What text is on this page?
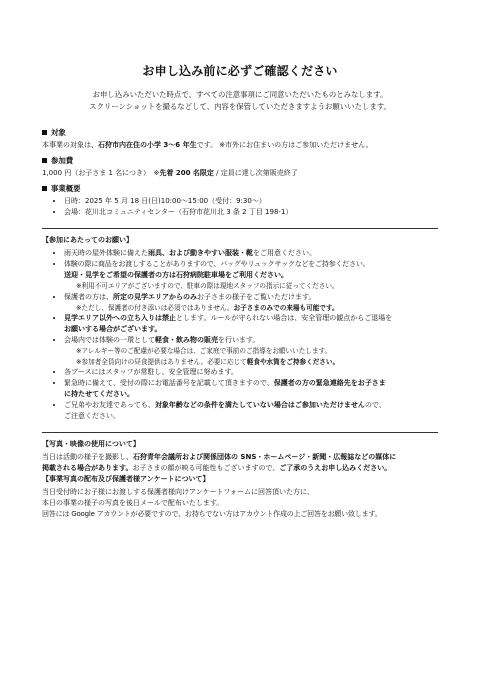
お申し込み前に必ずご確認ください
お申し込みいただいた時点で、すべての注意事項にご同意いただいたものとみなします。
スクリーンショットを撮るなどして、内容を保管していただきますようお願いいたします。
対象

本事業の対象は、石狩市内在住の小学 3～6 年生です。 ※市外にお住まいの方はご参加いただけません。

参加費

1,000 円（お子さま 1 名につき）　※先着 200 名限定 / 定員に達し次第販売終了

事業概要
• 日時：2025 年 5 月 18 日(日)10:00～15:00（受付：9:30～）
• 会場：花川北コミュニティセンター（石狩市花川北 3 条 2 丁目 198-1）
【参加にあたってのお願い】
• 雨天時の屋外体験に備えた雨具、および動きやすい服装・靴をご用意ください。
• 体験の際に商品をお渡しすることがありますので、バッグやリュックサックなどをご持参ください。
送迎・見学をご希望の保護者の方は石狩病院駐車場をご利用ください。
※利用不可エリアがございますので、駐車の際は現地スタッフの指示に従ってください。
• 保護者の方は、所定の見学エリアからのみお子さまの様子をご覧いただけます。
※ただし、保護者の付き添いは必須ではありません。お子さまのみでの来場も可能です。
• 見学エリア以外への立ち入りは禁止とします。ルールが守られない場合は、安全管理の観点からご退場を
お願いする場合がございます。
• 会場内では体験の一環として軽食・飲み物の販売を行います。
※アレルギー等のご配慮が必要な場合は、ご家庭で事前のご指導をお願いいたします。
※参加者全員向けの昼食提供はありません。必要に応じて軽食や水筒をご持参ください。
• 各ブースにはスタッフが常駐し、安全管理に努めます。
• 緊急時に備えて、受付の際にお電話番号を記載して頂きますので、保護者の方の緊急連絡先をお子さま
に持たせてください。
• ご兄弟やお友達であっても、対象年齢などの条件を満たしていない場合はご参加いただけませんので、
ご注意ください。
【写真・映像の使用について】

当日は活動の様子を撮影し、石狩青年会議所および関係団体の SNS・ホームページ・新聞・広報誌などの媒体に
掲載される場合があります。お子さまの顔が映る可能性もございますので、ご了承のうえお申し込みください。

【事業写真の配布及び保護者様アンケートについて】

当日受付時にお子様にお渡しする保護者様向けアンケートフォームに回答頂いた方に、
本日の事業の様子の写真を後日メールで配布いたします。
回答には Google アカウントが必要ですので、お持ちでない方はアカウント作成の上ご回答をお願い致します。
